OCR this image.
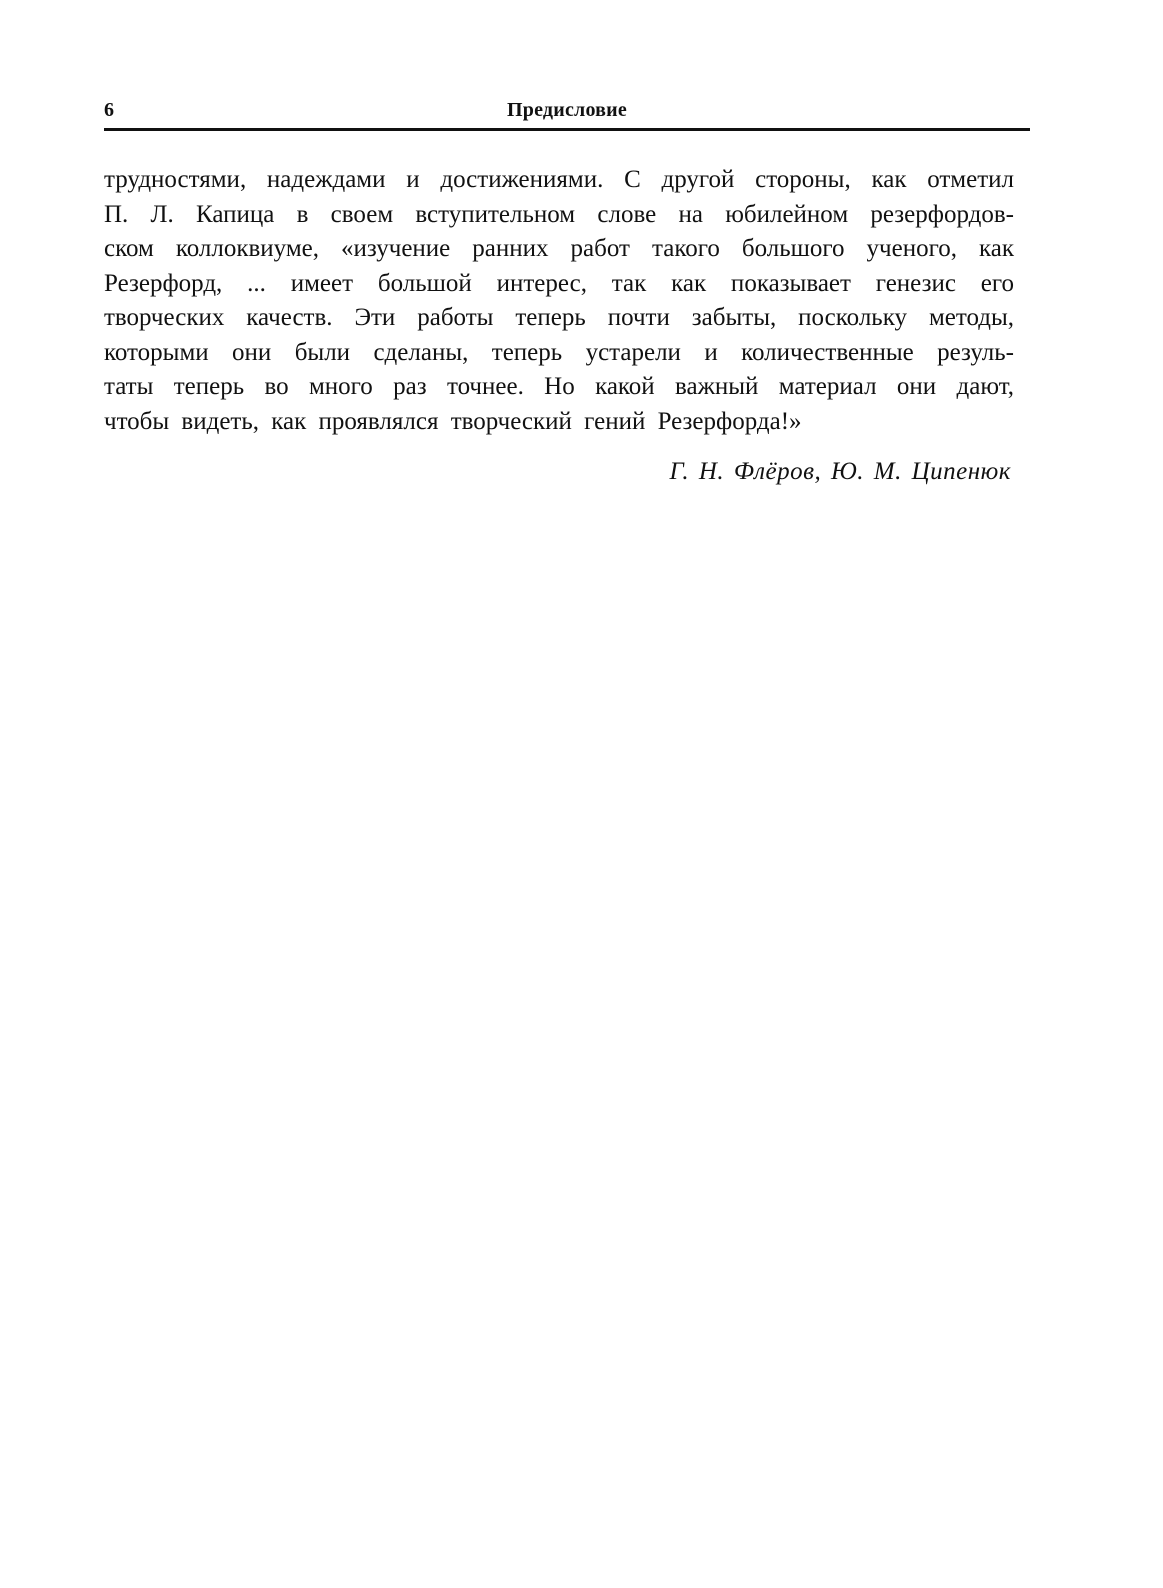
6	Предисловие
трудностями, надеждами и достижениями. С другой стороны, как отметил
П. Л. Капица в своем вступительном слове на юбилейном резерфордов-
ском коллоквиуме, «изучение ранних работ такого большого ученого, как
Резерфорд, ... имеет большой интерес, так как показывает генезис его
творческих качеств. Эти работы теперь почти забыты, поскольку методы,
которыми они были сделаны, теперь устарели и количественные резуль-
таты теперь во много раз точнее. Но какой важный материал они дают,
чтобы видеть, как проявлялся творческий гений Резерфорда!»
Г. Н. Флёров, Ю. М. Ципенюк
